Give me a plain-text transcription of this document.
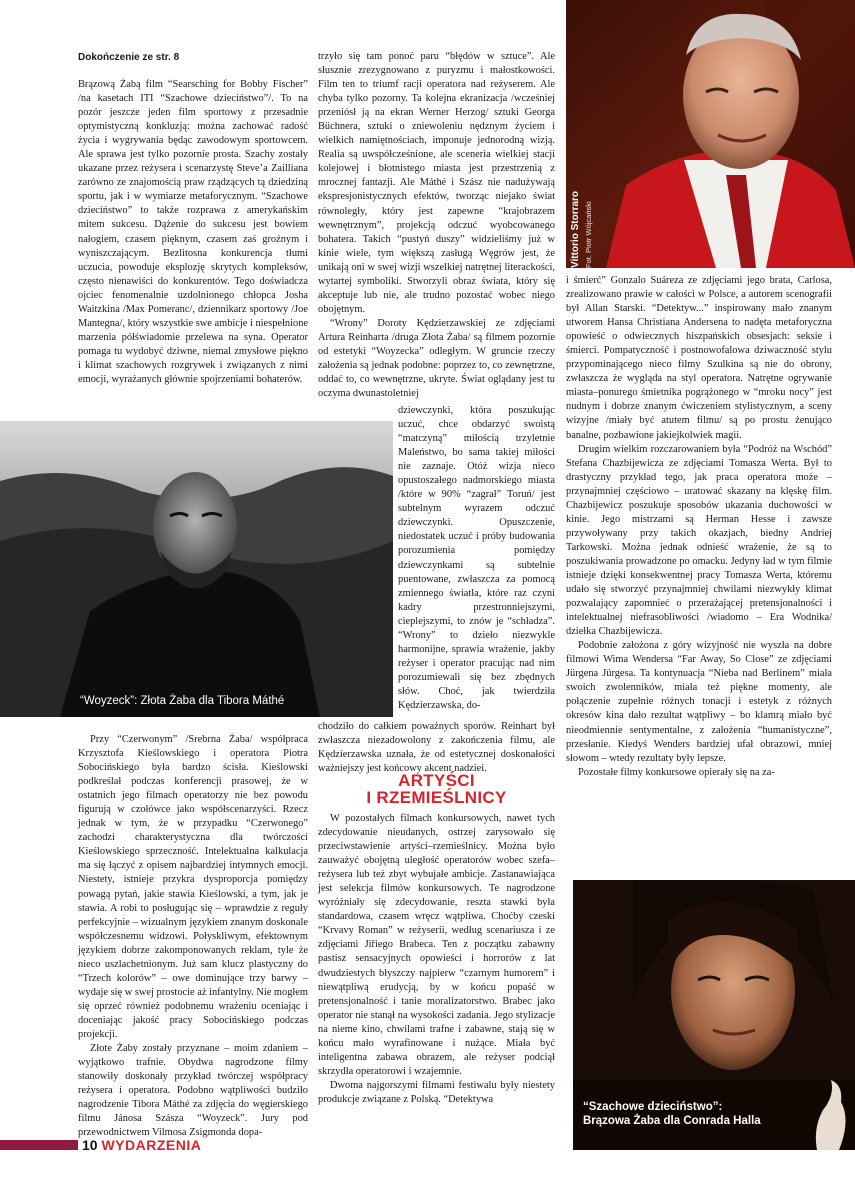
Dokończenie ze str. 8

Brązową Żabą film “Searsching for Bobby Fischer” /na kasetach ITI “Szachowe dzieciństwo”/. To na pozór jeszcze jeden film sportowy z przesadnie optymistyczną konkluzją: można zachować radość życia i wygrywania będąc zawodowym sportowcem. Ale sprawa jest tylko pozornie prosta. Szachy zostały ukazane przez reżysera i scenarzystę Steve’a Zailliana zarówno ze znajomością praw rządzących tą dziedziną sportu, jak i w wymiarze metaforycznym. “Szachowe dzieciństwo” to także rozprawa z amerykańskim mitem sukcesu. Dążenie do sukcesu jest bowiem nałogiem, czasem pięknym, czasem zaś groźnym i wyniszczającym. Bezlitosna konkurencja tłumi uczucia, powoduje eksplozję skrytych kompleksów, często nienawiści do konkurentów. Tego doświadcza ojciec fenomenalnie uzdolnionego chłopca Josha Waitzkina /Max Pomeranc/, dziennikarz sportowy /Joe Mantegna/, który wszystkie swe ambicje i niespełnione marzenia półświadomie przelewa na syna. Operator pomaga tu wydobyć dziwne, niemal zmysłowe piękno i klimat szachowych rozgrywek i związanych z nimi emocji, wyrażanych głównie spojrzeniami bohaterów.

Vittorio Storraro Fot. Piotr Wójcański
“Woyzeck”: Złota Żaba dla Tibora Máthé

Przy “Czerwonym” /Srebrna Żaba/ współpraca Krzysztofa Kieślowskiego i operatora Piotra Sobocińskiego była bardzo ścisła. Kieślowski podkreślał podczas konferencji prasowej, że w ostatnich jego filmach operatorzy nie bez powodu figurują w czołówce jako współscenarzyści. Rzecz jednak w tym, że w przypadku “Czerwonego” zachodzi charakterystyczna dla twórczości Kieślowskiego sprzeczność. Intelektualna kalkulacja ma się łączyć z opisem najbardziej intymnych emocji. Niestety, istnieje przykra dysproporcja pomiędzy powagą pytań, jakie stawia Kieślowski, a tym, jak je stawia. A robi to posługując się – wprawdzie z reguły perfekcyjnie – wizualnym językiem znanym doskonale współczesnemu widzowi. Połyskliwym, efektownym językiem dobrze zakomponowanych reklam, tyle że nieco uszlachetnionym. Już sam klucz plastyczny do “Trzech kolorów” – owe dominujące trzy barwy – wydaje się w swej prostocie aż infantylny. Nie mogłem się oprzeć również podobnemu wrażeniu oceniając i doceniając jakość pracy Sobocińskiego podczas projekcji.

Złote Żaby zostały przyznane – moim zdaniem – wyjątkowo trafnie. Obydwa nagrodzone filmy stanowiły doskonały przykład twórczej współpracy reżysera i operatora. Podobno wątpliwości budziło nagrodzenie Tibora Máthé za zdjęcia do węgierskiego filmu Jánosa Szásza “Woyzeck”. Jury pod przewodnictwem Vilmosa Zsigmonda dopa-

trzyło się tam ponoć paru “błędów w sztuce”. Ale słusznie zrezygnowano z puryzmu i małostkowości. Film ten to triumf racji operatora nad reżyserem. Ale chyba tylko pozorny. Ta kolejna ekranizacja /wcześniej przeniósł ją na ekran Werner Herzog/ sztuki Georga Büchnera, sztuki o zniewoleniu nędznym życiem i wielkich namiętnościach, imponuje jednorodną wizją. Realia są uwspółcześnione, ale sceneria wielkiej stacji kolejowej i błotnistego miasta jest przestrzenią z mrocznej fantazji. Ale Máthé i Szász nie nadużywają ekspresjonistycznych efektów, tworząc niejako świat równoległy, który jest zapewne “krajobrazem wewnętrznym”, projekcją odczuć wyobcowanego bohatera. Takich “pustyń duszy” widzieliśmy już w kinie wiele, tym większą zasługą Węgrów jest, że unikają oni w swej wizji wszelkiej natrętnej literackości, wytartej symboliki. Stworzyli obraz świata, który się akceptuje lub nie, ale trudno pozostać wobec niego obojętnym.

“Wrony” Doroty Kędzierzawskiej ze zdjęciami Artura Reinharta /druga Złota Żaba/ są filmem pozornie od estetyki “Woyzecka” odległym. W gruncie rzeczy założenia są jednak podobne: poprzez to, co zewnętrzne, oddać to, co wewnętrzne, ukryte. Świat oglądany jest tu oczyma dwunastoletniej

dziewczynki, która poszukując uczuć, chce obdarzyć swoistą “matczyną” miłością trzyletnie Maleństwo, bo sama takiej miłości nie zaznaje. Otóż wizja nieco opustoszałego nadmorskiego miasta /które w 90% “zagrał” Toruń/ jest subtelnym wyrazem odczuć dziewczynki. Opuszczenie, niedostatek uczuć i próby budowania porozumienia pomiędzy dziewczynkami są subtelnie puentowane, zwłaszcza za pomocą zmiennego światła, które raz czyni kadry przestronniejszymi, cieplejszymi, to znów je “schładza”. “Wrony” to dzieło niezwykle harmonijne, sprawia wrażenie, jakby reżyser i operator pracując nad nim porozumiewali się bez zbędnych słów. Choć, jak twierdziła Kędzierzawska, do-

chodziło do całkiem poważnych sporów. Reinhart był zwłaszcza niezadowolony z zakończenia filmu, ale Kędzierzawska uznała, że od estetycznej doskonałości ważniejszy jest końcowy akcent nadziei.

ARTYŚCI
I RZEMIEŚLNICY

W pozostałych filmach konkursowych, nawet tych zdecydowanie nieudanych, ostrzej zarysowało się przeciwstawienie artyści–rzemieślnicy. Można było zauważyć obojętną uległość operatorów wobec szefa–reżysera lub też zbyt wybujałe ambicje. Zastanawiająca jest selekcja filmów konkursowych. Te nagrodzone wyróżniały się zdecydowanie, reszta stawki była standardowa, czasem wręcz wątpliwa. Choćby czeski “Krvavy Roman” w reżyserii, według scenariusza i ze zdjęciami Jiřiego Brabeca. Ten z początku zabawny pastisz sensacyjnych opowieści i horrorów z lat dwudziestych błyszczy najpierw “czarnym humorem” i niewątpliwą erudycją, by w końcu popaść w pretensjonalność i tanie moralizatorstwo. Brabec jako operator nie stanął na wysokości zadania. Jego stylizacje na nieme kino, chwilami trafne i zabawne, stają się w końcu mało wyrafinowane i nużące. Miała być inteligentna zabawa obrazem, ale reżyser podciął skrzydła operatorowi i wzajemnie.

Dwoma najgorszymi filmami festiwalu były niestety produkcje związane z Polską. “Detektywa

i śmierć” Gonzalo Suáreza ze zdjęciami jego brata, Carlosa, zrealizowano prawie w całości w Polsce, a autorem scenografii był Allan Starski. “Detektyw...” inspirowany mało znanym utworem Hansa Christiana Andersena to nadęta metaforyczna opowieść o odwiecznych hiszpańskich obsesjach: seksie i śmierci. Pompatyczność i postnowofalowa dziwaczność stylu przypominającego nieco filmy Szulkina są nie do obrony, zwłaszcza że wygląda na styl operatora. Natrętne ogrywanie miasta–ponurego śmietnika pogrążonego w “mroku nocy” jest nudnym i dobrze znanym ćwiczeniem stylistycznym, a sceny wizyjne /miały być atutem filmu/ są po prostu żenująco banalne, pozbawione jakiejkolwiek magii.

Drugim wielkim rozczarowaniem była “Podróż na Wschód” Stefana Chazbijewicza ze zdjęciami Tomasza Werta. Był to drastyczny przykład tego, jak praca operatora może – przynajmniej częściowo – uratować skazany na klęskę film. Chazbijewicz poszukuje sposobów ukazania duchowości w kinie. Jego mistrzami są Herman Hesse i zawsze przywoływany przy takich okazjach, biedny Andriej Tarkowski. Można jednak odnieść wrażenie, że są to poszukiwania prowadzone po omacku. Jedyny ład w tym filmie istnieje dzięki konsekwentnej pracy Tomasza Werta, któremu udało się stworzyć przynajmniej chwilami niezwykły klimat pozwalający zapomnieć o przerażającej pretensjonalności i intelektualnej niefrasobliwości /wiadomo – Era Wodnika/ dziełka Chazbijewicza.

Podobnie założona z góry wizyjność nie wyszła na dobre filmowi Wima Wendersa “Far Away, So Close” ze zdjęciami Jürgena Jürgesa. Ta kontynuacja “Nieba nad Berlinem” miała swoich zwolenników, miała też piękne momenty, ale połączenie zupełnie różnych tonacji i estetyk z różnych okresów kina dało rezultat wątpliwy – bo klamrą miało być nieodmiennie sentymentalne, z założenia “humanistyczne”, przesłanie. Kiedyś Wenders bardziej ufał obrazowi, mniej słowom – wtedy rezultaty były lepsze.

Pozostałe filmy konkursowe opierały się na za-

“Szachowe dzieciństwo”:
Brązowa Żaba dla Conrada Halla
10 WYDARZENIA
